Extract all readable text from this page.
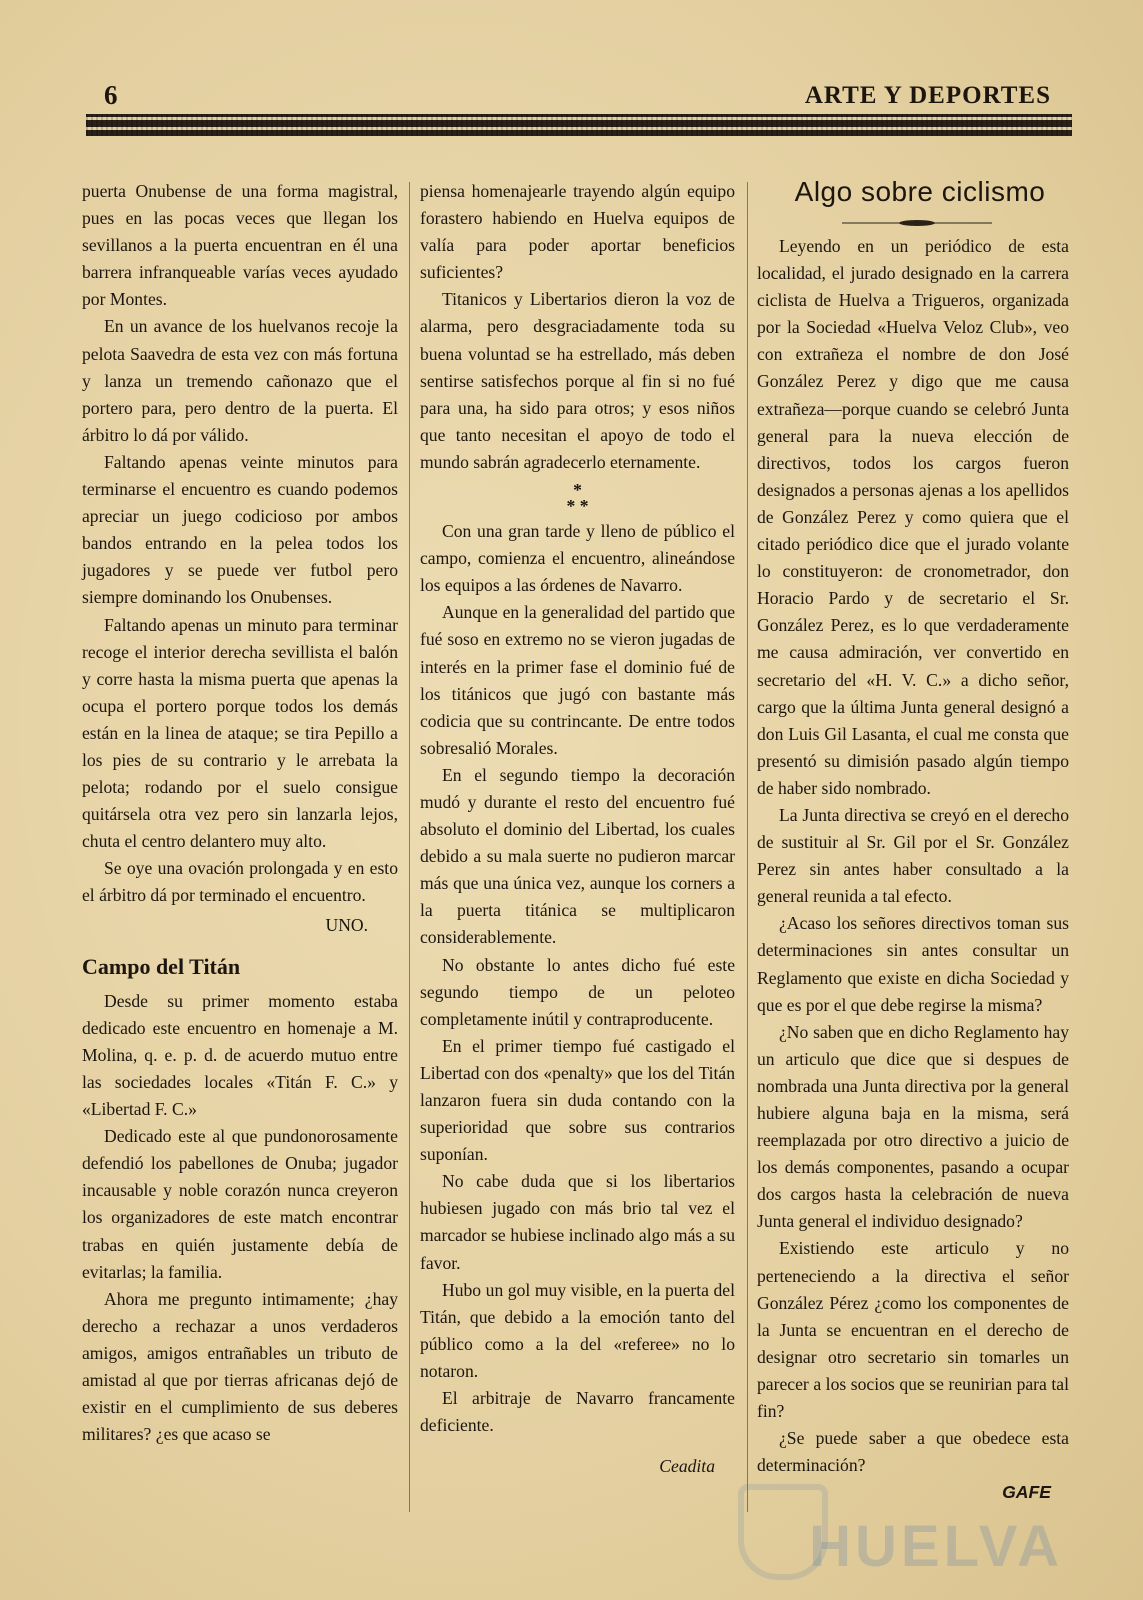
6	ARTE Y DEPORTES

puerta Onubense de una forma magistral, pues en las pocas veces que llegan los sevillanos a la puerta encuentran en él una barrera infranqueable varías veces ayudado por Montes.

En un avance de los huelvanos recoje la pelota Saavedra de esta vez con más fortuna y lanza un tremendo cañonazo que el portero para, pero dentro de la puerta. El árbitro lo dá por válido.

Faltando apenas veinte minutos para terminarse el encuentro es cuando podemos apreciar un juego codicioso por ambos bandos entrando en la pelea todos los jugadores y se puede ver futbol pero siempre dominando los Onubenses.

Faltando apenas un minuto para terminar recoge el interior derecha sevillista el balón y corre hasta la misma puerta que apenas la ocupa el portero porque todos los demás están en la linea de ataque; se tira Pepillo a los pies de su contrario y le arrebata la pelota; rodando por el suelo consigue quitársela otra vez pero sin lanzarla lejos, chuta el centro delantero muy alto.

Se oye una ovación prolongada y en esto el árbitro dá por terminado el encuentro.

UNO.
Campo del Titán

Desde su primer momento estaba dedicado este encuentro en homenaje a M. Molina, q. e. p. d. de acuerdo mutuo entre las sociedades locales «Titán F. C.» y «Libertad F. C.»

Dedicado este al que pundonorosamente defendió los pabellones de Onuba; jugador incausable y noble corazón nunca creyeron los organizadores de este match encontrar trabas en quién justamente debía de evitarlas; la familia.

Ahora me pregunto intimamente; ¿hay derecho a rechazar a unos verdaderos amigos, amigos entrañables un tributo de amistad al que por tierras africanas dejó de existir en el cumplimiento de sus deberes militares? ¿es que acaso se

piensa homenajearle trayendo algún equipo forastero habiendo en Huelva equipos de valía para poder aportar beneficios suficientes?

Titanicos y Libertarios dieron la voz de alarma, pero desgraciadamente toda su buena voluntad se ha estrellado, más deben sentirse satisfechos porque al fin si no fué para una, ha sido para otros; y esos niños que tanto necesitan el apoyo de todo el mundo sabrán agradecerlo eternamente.

*
* *

Con una gran tarde y lleno de público el campo, comienza el encuentro, alineándose los equipos a las órdenes de Navarro.

Aunque en la generalidad del partido que fué soso en extremo no se vieron jugadas de interés en la primer fase el dominio fué de los titánicos que jugó con bastante más codicia que su contrincante. De entre todos sobresalió Morales.

En el segundo tiempo la decoración mudó y durante el resto del encuentro fué absoluto el dominio del Libertad, los cuales debido a su mala suerte no pudieron marcar más que una única vez, aunque los corners a la puerta titánica se multiplicaron considerablemente.

No obstante lo antes dicho fué este segundo tiempo de un peloteo completamente inútil y contraproducente.

En el primer tiempo fué castigado el Libertad con dos «penalty» que los del Titán lanzaron fuera sin duda contando con la superioridad que sobre sus contrarios suponían.

No cabe duda que si los libertarios hubiesen jugado con más brio tal vez el marcador se hubiese inclinado algo más a su favor.

Hubo un gol muy visible, en la puerta del Titán, que debido a la emoción tanto del público como a la del «referee» no lo notaron.

El arbitraje de Navarro francamente deficiente.

Ceadita
Algo sobre ciclismo

Leyendo en un periódico de esta localidad, el jurado designado en la carrera ciclista de Huelva a Trigueros, organizada por la Sociedad «Huelva Veloz Club», veo con extrañeza el nombre de don José González Perez y digo que me causa extrañeza—porque cuando se celebró Junta general para la nueva elección de directivos, todos los cargos fueron designados a personas ajenas a los apellidos de González Perez y como quiera que el citado periódico dice que el jurado volante lo constituyeron: de cronometrador, don Horacio Pardo y de secretario el Sr. González Perez, es lo que verdaderamente me causa admiración, ver convertido en secretario del «H. V. C.» a dicho señor, cargo que la última Junta general designó a don Luis Gil Lasanta, el cual me consta que presentó su dimisión pasado algún tiempo de haber sido nombrado.

La Junta directiva se creyó en el derecho de sustituir al Sr. Gil por el Sr. González Perez sin antes haber consultado a la general reunida a tal efecto.

¿Acaso los señores directivos toman sus determinaciones sin antes consultar un Reglamento que existe en dicha Sociedad y que es por el que debe regirse la misma?

¿No saben que en dicho Reglamento hay un articulo que dice que si despues de nombrada una Junta directiva por la general hubiere alguna baja en la misma, será reemplazada por otro directivo a juicio de los demás componentes, pasando a ocupar dos cargos hasta la celebración de nueva Junta general el individuo designado?

Existiendo este articulo y no perteneciendo a la directiva el señor González Pérez ¿como los componentes de la Junta se encuentran en el derecho de designar otro secretario sin tomarles un parecer a los socios que se reunirian para tal fin?

¿Se puede saber a que obedece esta determinación?

GAFE
HUELVA
